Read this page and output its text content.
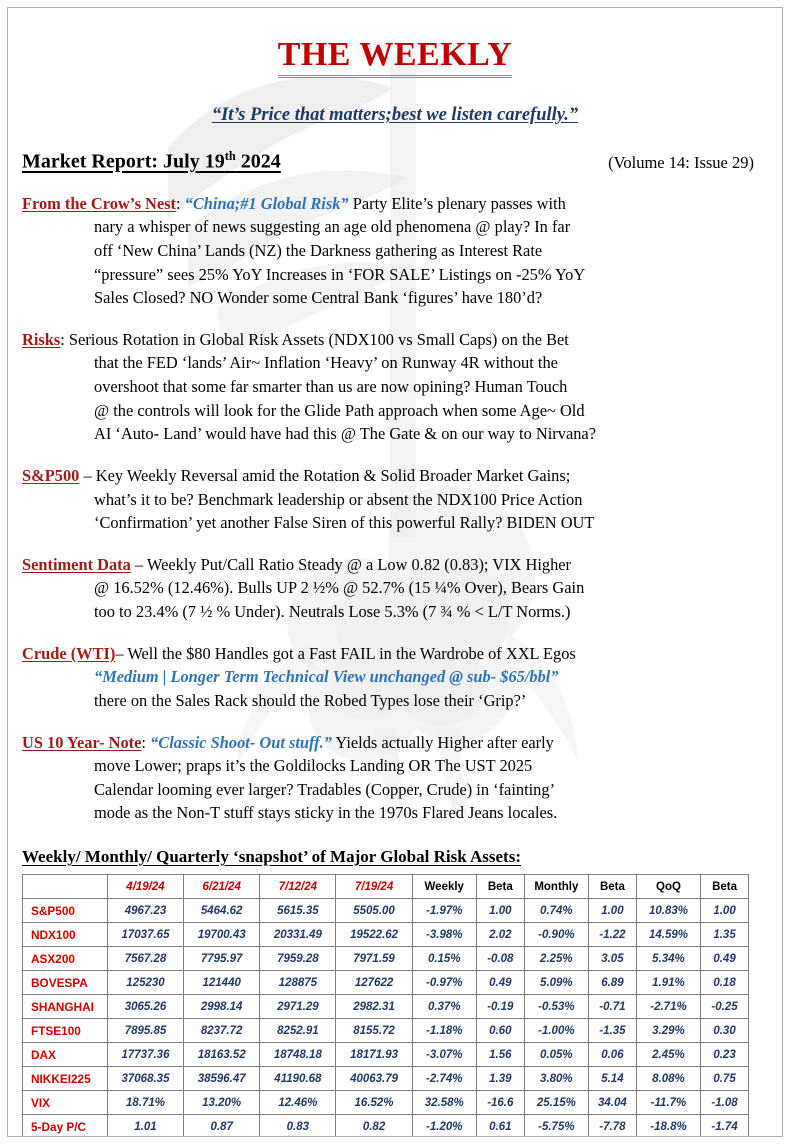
THE WEEKLY
“It’s Price that matters;best we listen carefully.”
Market Report: July 19th 2024	(Volume 14: Issue 29)
From the Crow’s Nest: “China;#1 Global Risk” Party Elite’s plenary passes with
nary a whisper of news suggesting an age old phenomena @ play? In far
off ‘New China’ Lands (NZ) the Darkness gathering as Interest Rate
“pressure” sees 25% YoY Increases in ‘FOR SALE’ Listings on -25% YoY
Sales Closed? NO Wonder some Central Bank ‘figures’ have 180’d?
Risks: Serious Rotation in Global Risk Assets (NDX100 vs Small Caps) on the Bet
that the FED ‘lands’ Air~ Inflation ‘Heavy’ on Runway 4R without the
overshoot that some far smarter than us are now opining? Human Touch
@ the controls will look for the Glide Path approach when some Age~ Old
AI ‘Auto- Land’ would have had this @ The Gate & on our way to Nirvana?
S&P500 – Key Weekly Reversal amid the Rotation & Solid Broader Market Gains;
what’s it to be? Benchmark leadership or absent the NDX100 Price Action
‘Confirmation’ yet another False Siren of this powerful Rally? BIDEN OUT
Sentiment Data – Weekly Put/Call Ratio Steady @ a Low 0.82 (0.83); VIX Higher
@ 16.52% (12.46%). Bulls UP 2 ½% @ 52.7% (15 ¼% Over), Bears Gain
too to 23.4% (7 ½ % Under). Neutrals Lose 5.3% (7 ¾ % < L/T Norms.)
Crude (WTI)– Well the $80 Handles got a Fast FAIL in the Wardrobe of XXL Egos
“Medium | Longer Term Technical View unchanged @ sub- $65/bbl”
there on the Sales Rack should the Robed Types lose their ‘Grip?’
US 10 Year- Note: “Classic Shoot- Out stuff.” Yields actually Higher after early
move Lower; praps it’s the Goldilocks Landing OR The UST 2025
Calendar looming ever larger? Tradables (Copper, Crude) in ‘fainting’
mode as the Non-T stuff stays sticky in the 1970s Flared Jeans locales.
Weekly/ Monthly/ Quarterly ‘snapshot’ of Major Global Risk Assets:
	4/19/24	6/21/24	7/12/24	7/19/24	Weekly	Beta	Monthly	Beta	QoQ	Beta
S&P500	4967.23	5464.62	5615.35	5505.00	-1.97%	1.00	0.74%	1.00	10.83%	1.00
NDX100	17037.65	19700.43	20331.49	19522.62	-3.98%	2.02	-0.90%	-1.22	14.59%	1.35
ASX200	7567.28	7795.97	7959.28	7971.59	0.15%	-0.08	2.25%	3.05	5.34%	0.49
BOVESPA	125230	121440	128875	127622	-0.97%	0.49	5.09%	6.89	1.91%	0.18
SHANGHAI	3065.26	2998.14	2971.29	2982.31	0.37%	-0.19	-0.53%	-0.71	-2.71%	-0.25
FTSE100	7895.85	8237.72	8252.91	8155.72	-1.18%	0.60	-1.00%	-1.35	3.29%	0.30
DAX	17737.36	18163.52	18748.18	18171.93	-3.07%	1.56	0.05%	0.06	2.45%	0.23
NIKKEI225	37068.35	38596.47	41190.68	40063.79	-2.74%	1.39	3.80%	5.14	8.08%	0.75
VIX	18.71%	13.20%	12.46%	16.52%	32.58%	-16.6	25.15%	34.04	-11.7%	-1.08
5-Day P/C	1.01	0.87	0.83	0.82	-1.20%	0.61	-5.75%	-7.78	-18.8%	-1.74
